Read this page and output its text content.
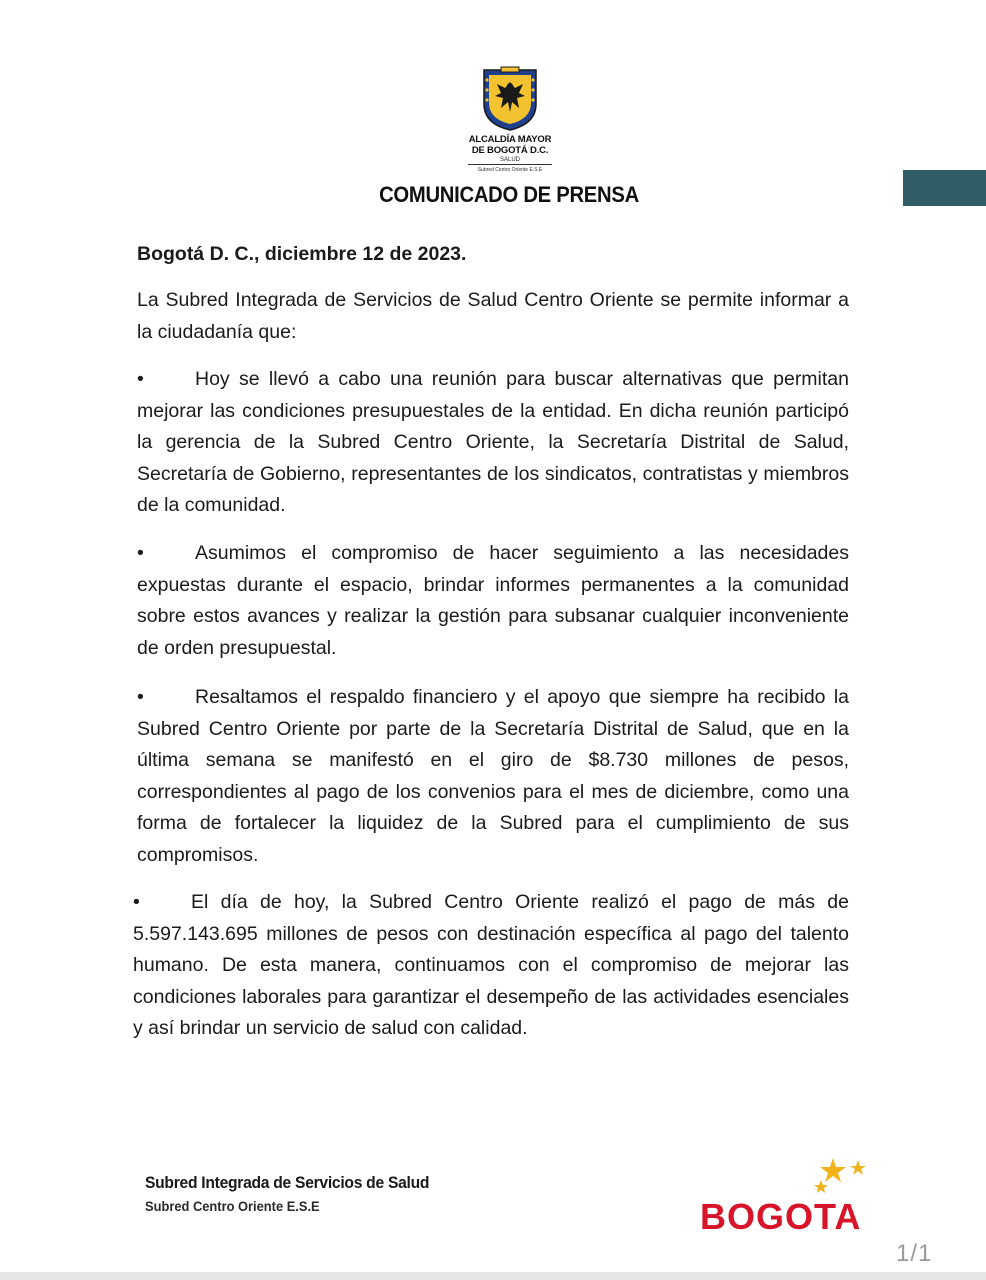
ALCALDÍA MAYOR
DE BOGOTÁ D.C.
SALUD
Subred Centro Oriente E.S.E
COMUNICADO DE PRENSA
Bogotá D. C., diciembre 12 de 2023.
La Subred Integrada de Servicios de Salud Centro Oriente se permite informar a la ciudadanía que:
•	Hoy se llevó a cabo una reunión para buscar alternativas que permitan mejorar las condiciones presupuestales de la entidad. En dicha reunión participó la gerencia de la Subred Centro Oriente, la Secretaría Distrital de Salud, Secretaría de Gobierno, representantes de los sindicatos, contratistas y miembros de la comunidad.
•	Asumimos el compromiso de hacer seguimiento a las necesidades expuestas durante el espacio, brindar informes permanentes a la comunidad sobre estos avances y realizar la gestión para subsanar cualquier inconveniente de orden presupuestal.
•	Resaltamos el respaldo financiero y el apoyo que siempre ha recibido la Subred Centro Oriente por parte de la Secretaría Distrital de Salud, que en la última semana se manifestó en el giro de $8.730 millones de pesos, correspondientes al pago de los convenios para el mes de diciembre, como una forma de fortalecer la liquidez de la Subred para el cumplimiento de sus compromisos.
•	El día de hoy, la Subred Centro Oriente realizó el pago de más de 5.597.143.695 millones de pesos con destinación específica al pago del talento humano. De esta manera, continuamos con el compromiso de mejorar las condiciones laborales para garantizar el desempeño de las actividades esenciales y así brindar un servicio de salud con calidad.
Subred Integrada de Servicios de Salud
Subred Centro Oriente E.S.E	BOGOTA
1/1
